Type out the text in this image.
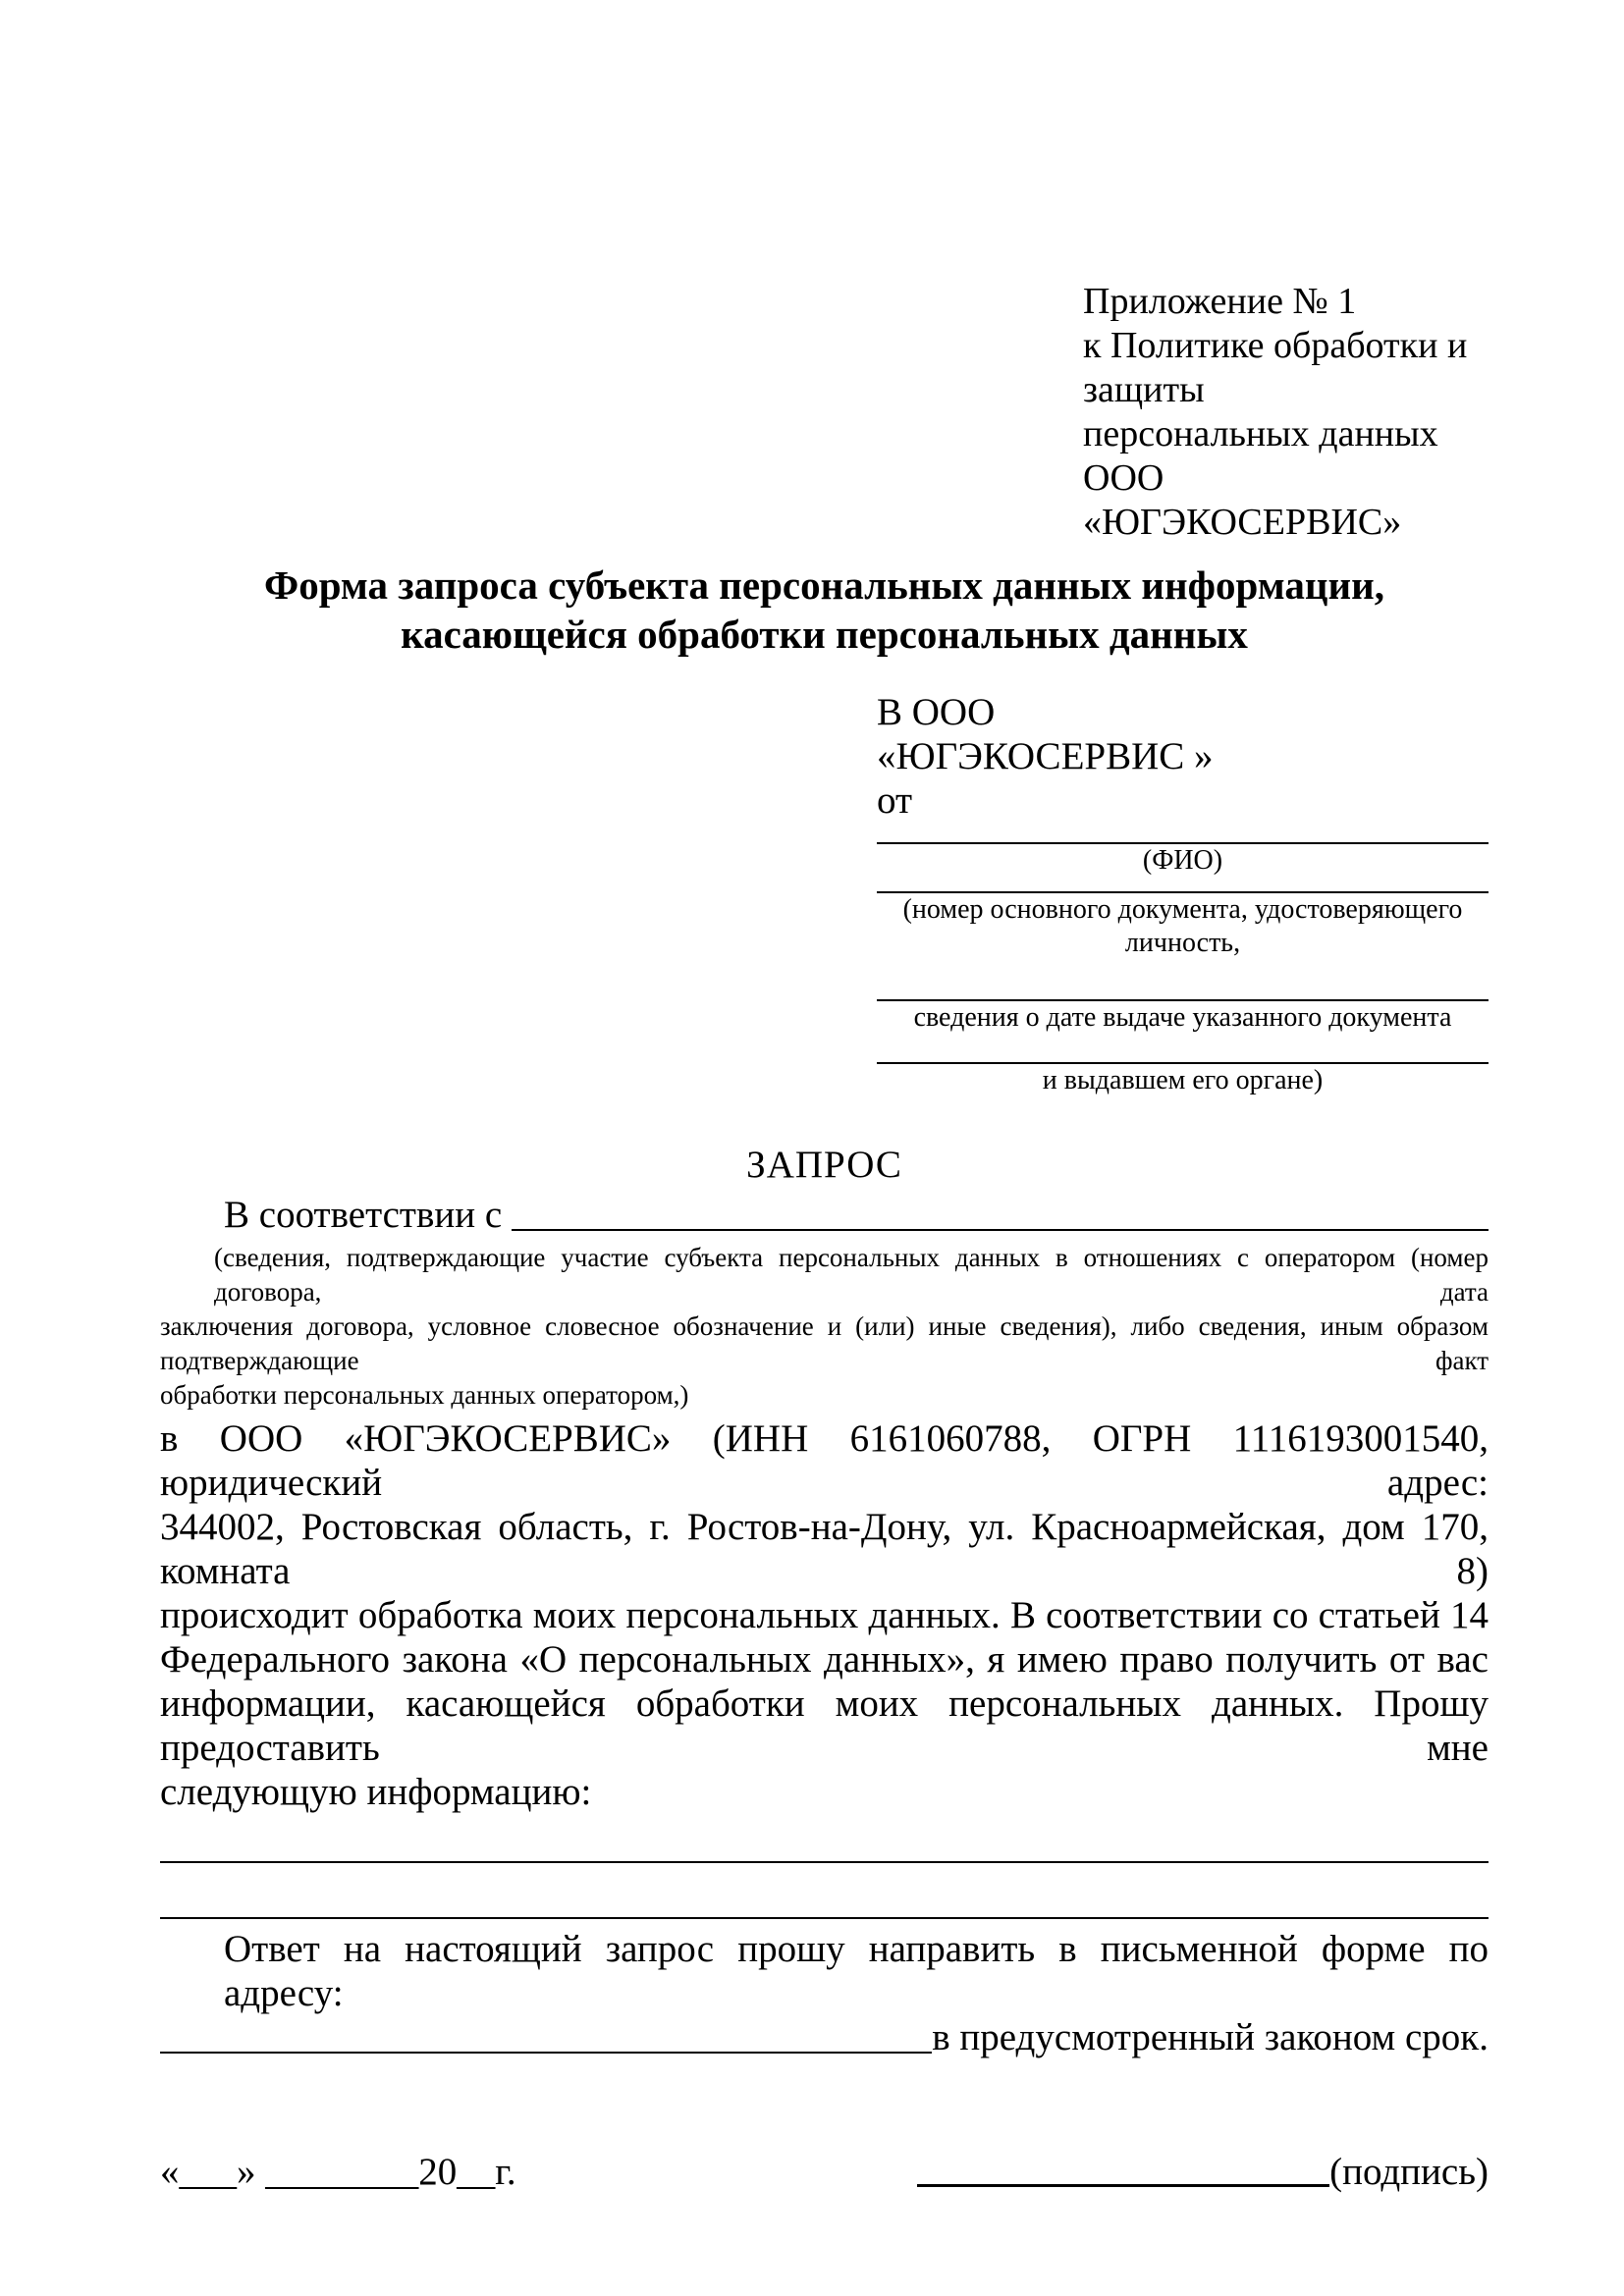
Приложение № 1
к Политике обработки и защиты
персональных данных
ООО «ЮГЭКОСЕРВИС»
Форма запроса субъекта персональных данных информации, касающейся обработки персональных данных
В ООО
«ЮГЭКОСЕРВИС »
от
(ФИО)
(номер основного документа, удостоверяющего личность,
сведения о дате выдаче указанного документа
и выдавшем его органе)
ЗАПРОС
В соответствии с
(сведения, подтверждающие участие субъекта персональных данных в отношениях с оператором (номер договора, дата
заключения договора, условное словесное обозначение и (или) иные сведения), либо сведения, иным образом подтверждающие факт
обработки персональных данных оператором,)
в ООО «ЮГЭКОСЕРВИС» (ИНН 6161060788, ОГРН 1116193001540, юридический адрес:
344002, Ростовская область, г. Ростов-на-Дону, ул. Красноармейская, дом 170, комната 8)
происходит обработка моих персональных данных. В соответствии со статьей 14
Федерального закона «О персональных данных», я имею право получить от вас
информации, касающейся обработки моих персональных данных. Прошу предоставить мне
следующую информацию:
Ответ на настоящий запрос прошу направить в письменной форме по адресу:
в предусмотренный законом срок.
«___» ________20__г.	(подпись)
